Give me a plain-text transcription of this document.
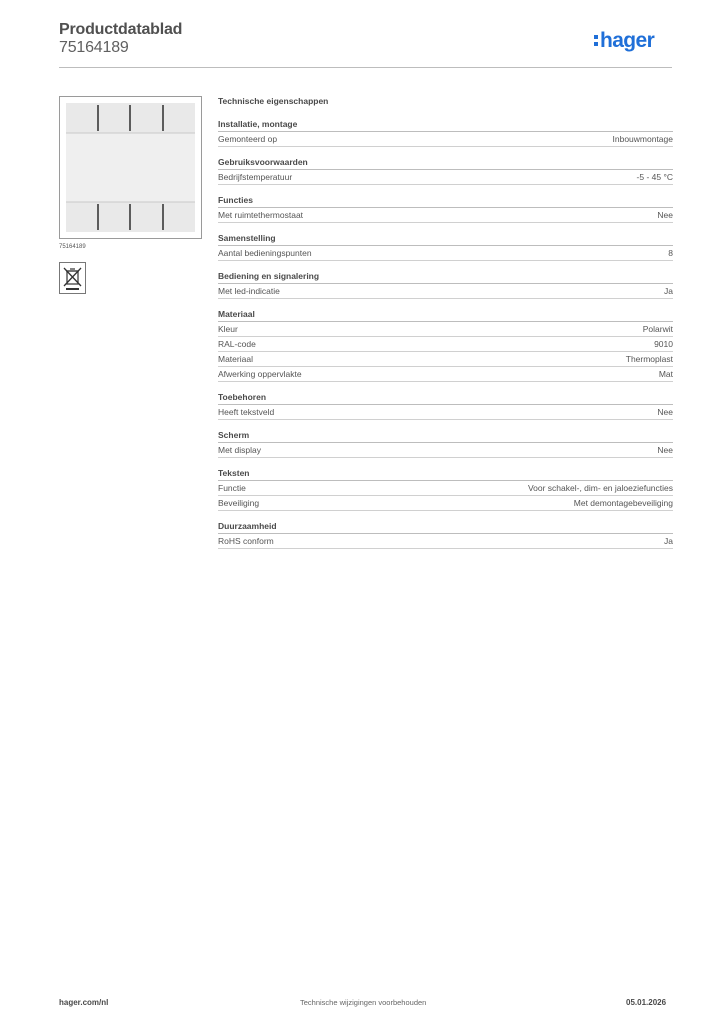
Productdatablad
75164189	hager
75164189
Technische eigenschappen
Installatie, montage
Gemonteerd op	Inbouwmontage
Gebruiksvoorwaarden
Bedrijfstemperatuur	-5 - 45 °C
Functies
Met ruimtethermostaat	Nee
Samenstelling
Aantal bedieningspunten	8
Bediening en signalering
Met led-indicatie	Ja
Materiaal
Kleur	Polarwit
RAL-code	9010
Materiaal	Thermoplast
Afwerking oppervlakte	Mat
Toebehoren
Heeft tekstveld	Nee
Scherm
Met display	Nee
Teksten
Functie	Voor schakel-, dim- en jaloeziefuncties
Beveiliging	Met demontagebeveiliging
Duurzaamheid
RoHS conform	Ja
hager.com/nl	Technische wijzigingen voorbehouden	05.01.2026
